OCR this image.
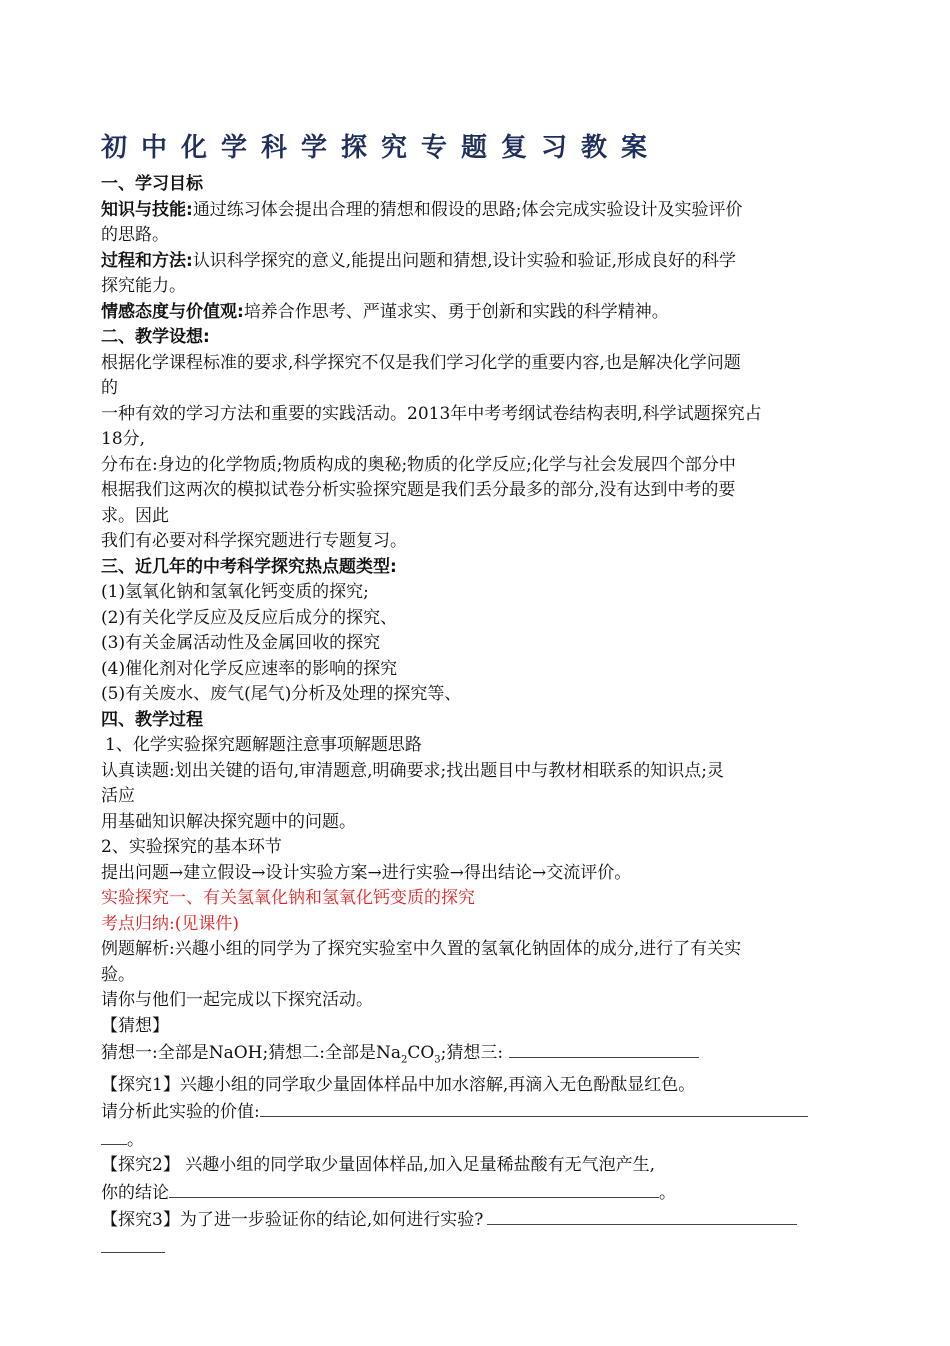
初中化学科学探究专题复习教案

一、学习目标

知识与技能:通过练习体会提出合理的猜想和假设的思路;体会完成实验设计及实验评价

的思路。

过程和方法:认识科学探究的意义,能提出问题和猜想,设计实验和验证,形成良好的科学

探究能力。

情感态度与价值观:培养合作思考、严谨求实、勇于创新和实践的科学精神。

二、教学设想:

根据化学课程标准的要求,科学探究不仅是我们学习化学的重要内容,也是解决化学问题

的

一种有效的学习方法和重要的实践活动。2013年中考考纲试卷结构表明,科学试题探究占

18分,

分布在:身边的化学物质;物质构成的奥秘;物质的化学反应;化学与社会发展四个部分中

根据我们这两次的模拟试卷分析实验探究题是我们丢分最多的部分,没有达到中考的要

求。因此

我们有必要对科学探究题进行专题复习。

三、近几年的中考科学探究热点题类型:

(1)氢氧化钠和氢氧化钙变质的探究;

(2)有关化学反应及反应后成分的探究、

(3)有关金属活动性及金属回收的探究

(4)催化剂对化学反应速率的影响的探究

(5)有关废水、废气(尾气)分析及处理的探究等、

四、教学过程

1、化学实验探究题解题注意事项解题思路

认真读题:划出关键的语句,审清题意,明确要求;找出题目中与教材相联系的知识点;灵

活应

用基础知识解决探究题中的问题。

2、实验探究的基本环节

提出问题→建立假设→设计实验方案→进行实验→得出结论→交流评价。

实验探究一、有关氢氧化钠和氢氧化钙变质的探究

考点归纳:(见课件)

例题解析:兴趣小组的同学为了探究实验室中久置的氢氧化钠固体的成分,进行了有关实

验。

请你与他们一起完成以下探究活动。

【猜想】

猜想一:全部是NaOH;猜想二:全部是$Na_2CO_3$;猜想三:

【探究1】兴趣小组的同学取少量固体样品中加水溶解,再滴入无色酚酞显红色。

请分析此实验的价值:

。

【探究2】 兴趣小组的同学取少量固体样品,加入足量稀盐酸有无气泡产生,

你的结论	。

【探究3】为了进一步验证你的结论,如何进行实验?
